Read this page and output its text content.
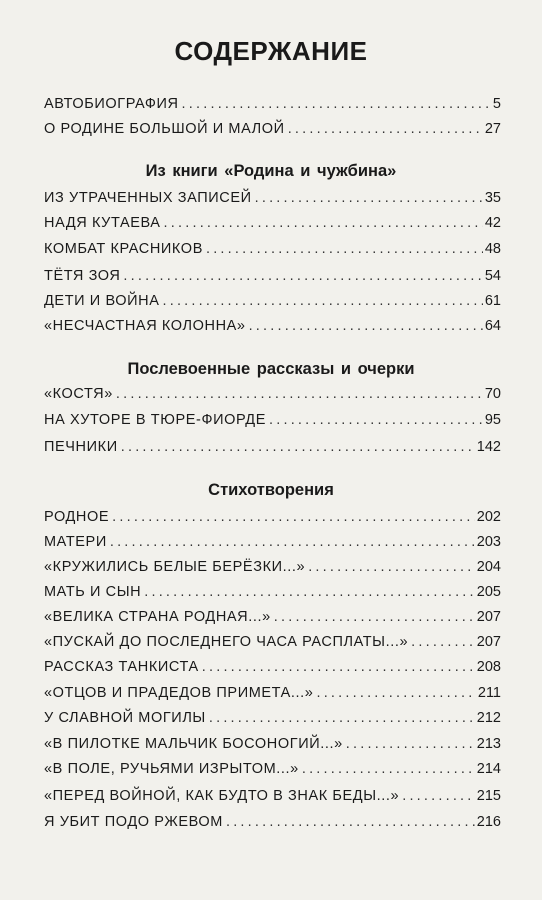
СОДЕРЖАНИЕ
АВТОБИОГРАФИЯ .....	5
О РОДИНЕ БОЛЬШОЙ И МАЛОЙ .....	27
Из книги «Родина и чужбина»
ИЗ УТРАЧЕННЫХ ЗАПИСЕЙ .....	35
НАДЯ КУТАЕВА .....	42
КОМБАТ КРАСНИКОВ .....	48
ТЁТЯ ЗОЯ .....	54
ДЕТИ И ВОЙНА .....	61
«НЕСЧАСТНАЯ КОЛОННА» .....	64
Послевоенные рассказы и очерки
«КОСТЯ» .....	70
НА ХУТОРЕ В ТЮРЕ-ФИОРДЕ .....	95
ПЕЧНИКИ .....	142
Стихотворения
РОДНОЕ .....	202
МАТЕРИ .....	203
«КРУЖИЛИСЬ БЕЛЫЕ БЕРЁЗКИ...» .....	204
МАТЬ И СЫН .....	205
«ВЕЛИКА СТРАНА РОДНАЯ...» .....	207
«ПУСКАЙ ДО ПОСЛЕДНЕГО ЧАСА РАСПЛАТЫ...» .....	207
РАССКАЗ ТАНКИСТА .....	208
«ОТЦОВ И ПРАДЕДОВ ПРИМЕТА...» .....	211
У СЛАВНОЙ МОГИЛЫ .....	212
«В ПИЛОТКЕ МАЛЬЧИК БОСОНОГИЙ...» .....	213
«В ПОЛЕ, РУЧЬЯМИ ИЗРЫТОМ...» .....	214
«ПЕРЕД ВОЙНОЙ, КАК БУДТО В ЗНАК БЕДЫ...» .....	215
Я УБИТ ПОДО РЖЕВОМ .....	216
